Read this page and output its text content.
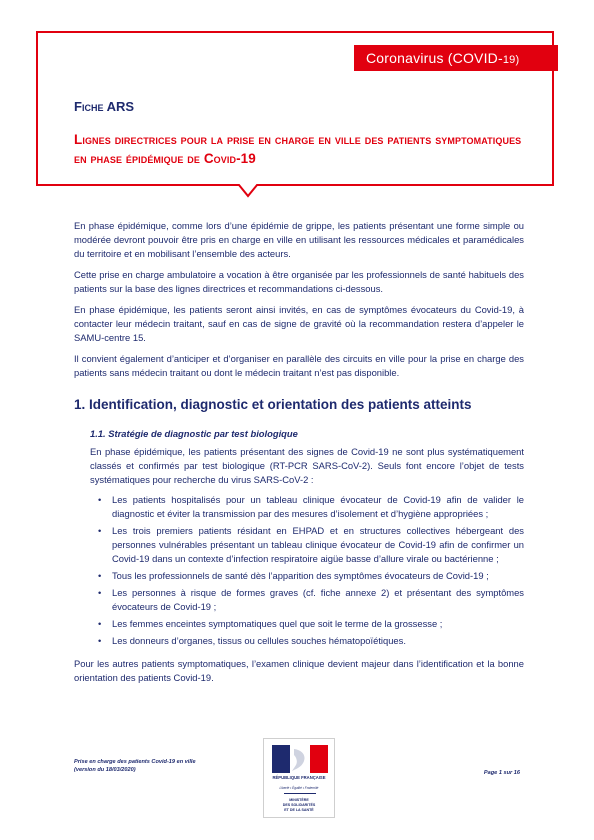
Coronavirus (COVID-19)
Fiche ARS
Lignes directrices pour la prise en charge en ville des patients symptomatiques en phase épidémique de Covid-19

En phase épidémique, comme lors d’une épidémie de grippe, les patients présentant une forme simple ou modérée devront pouvoir être pris en charge en ville en utilisant les ressources médicales et paramédicales du territoire et en mobilisant l’ensemble des acteurs.

Cette prise en charge ambulatoire a vocation à être organisée par les professionnels de santé habituels des patients sur la base des lignes directrices et recommandations ci-dessous.

En phase épidémique, les patients seront ainsi invités, en cas de symptômes évocateurs du Covid-19, à contacter leur médecin traitant, sauf en cas de signe de gravité où la recommandation restera d’appeler le SAMU-centre 15.

Il convient également d’anticiper et d’organiser en parallèle des circuits en ville pour la prise en charge des patients sans médecin traitant ou dont le médecin traitant n’est pas disponible.

1. Identification, diagnostic et orientation des patients atteints
1.1. Stratégie de diagnostic par test biologique

En phase épidémique, les patients présentant des signes de Covid-19 ne sont plus systématiquement classés et confirmés par test biologique (RT-PCR SARS-CoV-2). Seuls font encore l’objet de tests systématiques pour recherche du virus SARS-CoV-2 :

• Les patients hospitalisés pour un tableau clinique évocateur de Covid-19 afin de valider le diagnostic et éviter la transmission par des mesures d’isolement et d’hygiène appropriées ;
• Les trois premiers patients résidant en EHPAD et en structures collectives hébergeant des personnes vulnérables présentant un tableau clinique évocateur de Covid-19 afin de confirmer un Covid-19 dans un contexte d’infection respiratoire aigüe basse d’allure virale ou bactérienne ;
• Tous les professionnels de santé dès l’apparition des symptômes évocateurs de Covid-19 ;
• Les personnes à risque de formes graves (cf. fiche annexe 2) et présentant des symptômes évocateurs de Covid-19 ;
• Les femmes enceintes symptomatiques quel que soit le terme de la grossesse ;
• Les donneurs d’organes, tissus ou cellules souches hématopoïétiques.
Pour les autres patients symptomatiques, l’examen clinique devient majeur dans l’identification et la bonne orientation des patients Covid-19.
Prise en charge des patients Covid-19 en ville
(version du 18/03/2020)
RÉPUBLIQUE FRANÇAISE
Liberté • Égalité • Fraternité
MINISTÈRE
DES SOLIDARITÉS
ET DE LA SANTÉ
Page 1 sur 16
